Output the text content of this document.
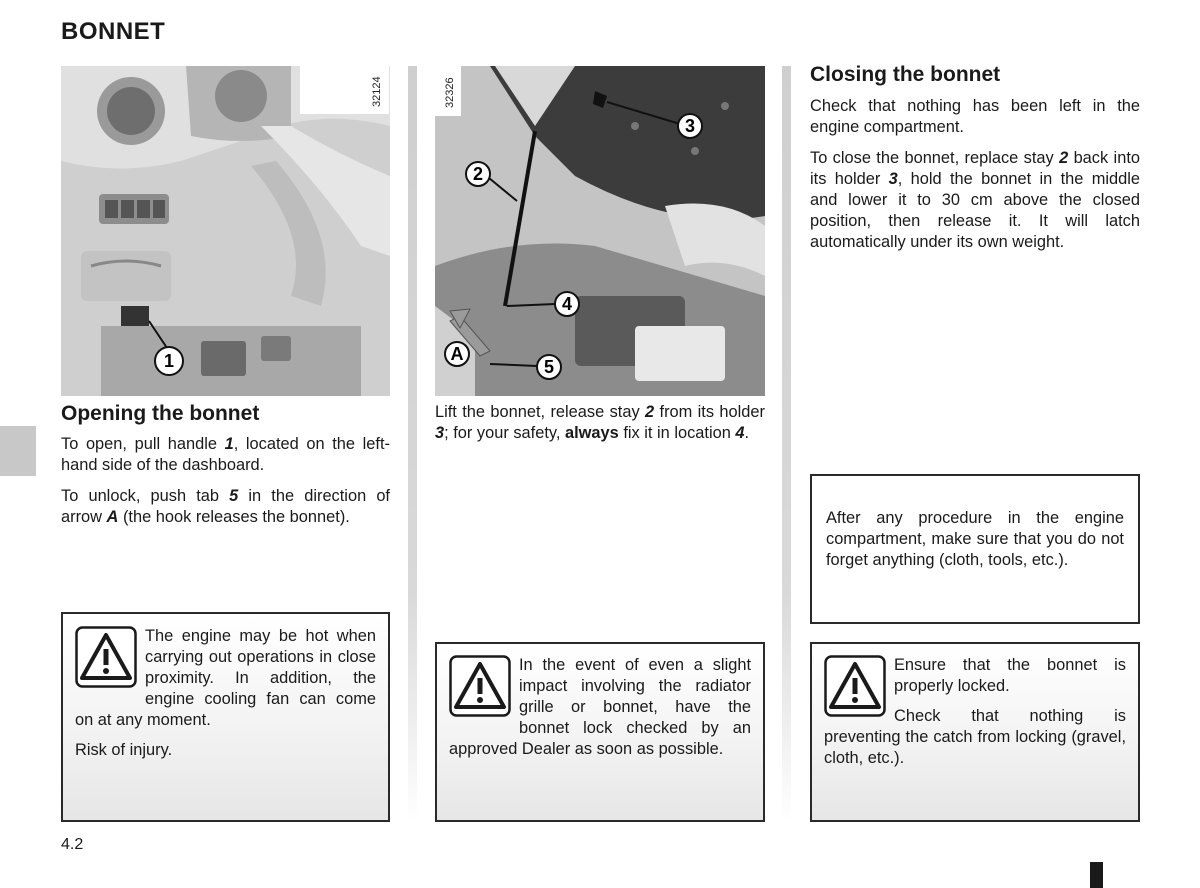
BONNET
1
32124
Opening the bonnet
To open, pull handle 1, located on the left-hand side of the dashboard.
To unlock, push tab 5 in the direction of arrow A (the hook releases the bonnet).

The engine may be hot when carrying out operations in close proximity. In addition, the engine cooling fan can come on at any moment.

Risk of injury.

3
2
4
A
5
32326
Lift the bonnet, release stay 2 from its holder 3; for your safety, always fix it in location 4.

In the event of even a slight impact involving the radiator grille or bonnet, have the bonnet lock checked by an approved Dealer as soon as possible.

Closing the bonnet
Check that nothing has been left in the engine compartment.
To close the bonnet, replace stay 2 back into its holder 3, hold the bonnet in the middle and lower it to 30 cm above the closed position, then release it. It will latch automatically under its own weight.
After any procedure in the engine compartment, make sure that you do not forget anything (cloth, tools, etc.).

Ensure that the bonnet is properly locked.

Check that nothing is preventing the catch from locking (gravel, cloth, etc.).

4.2
